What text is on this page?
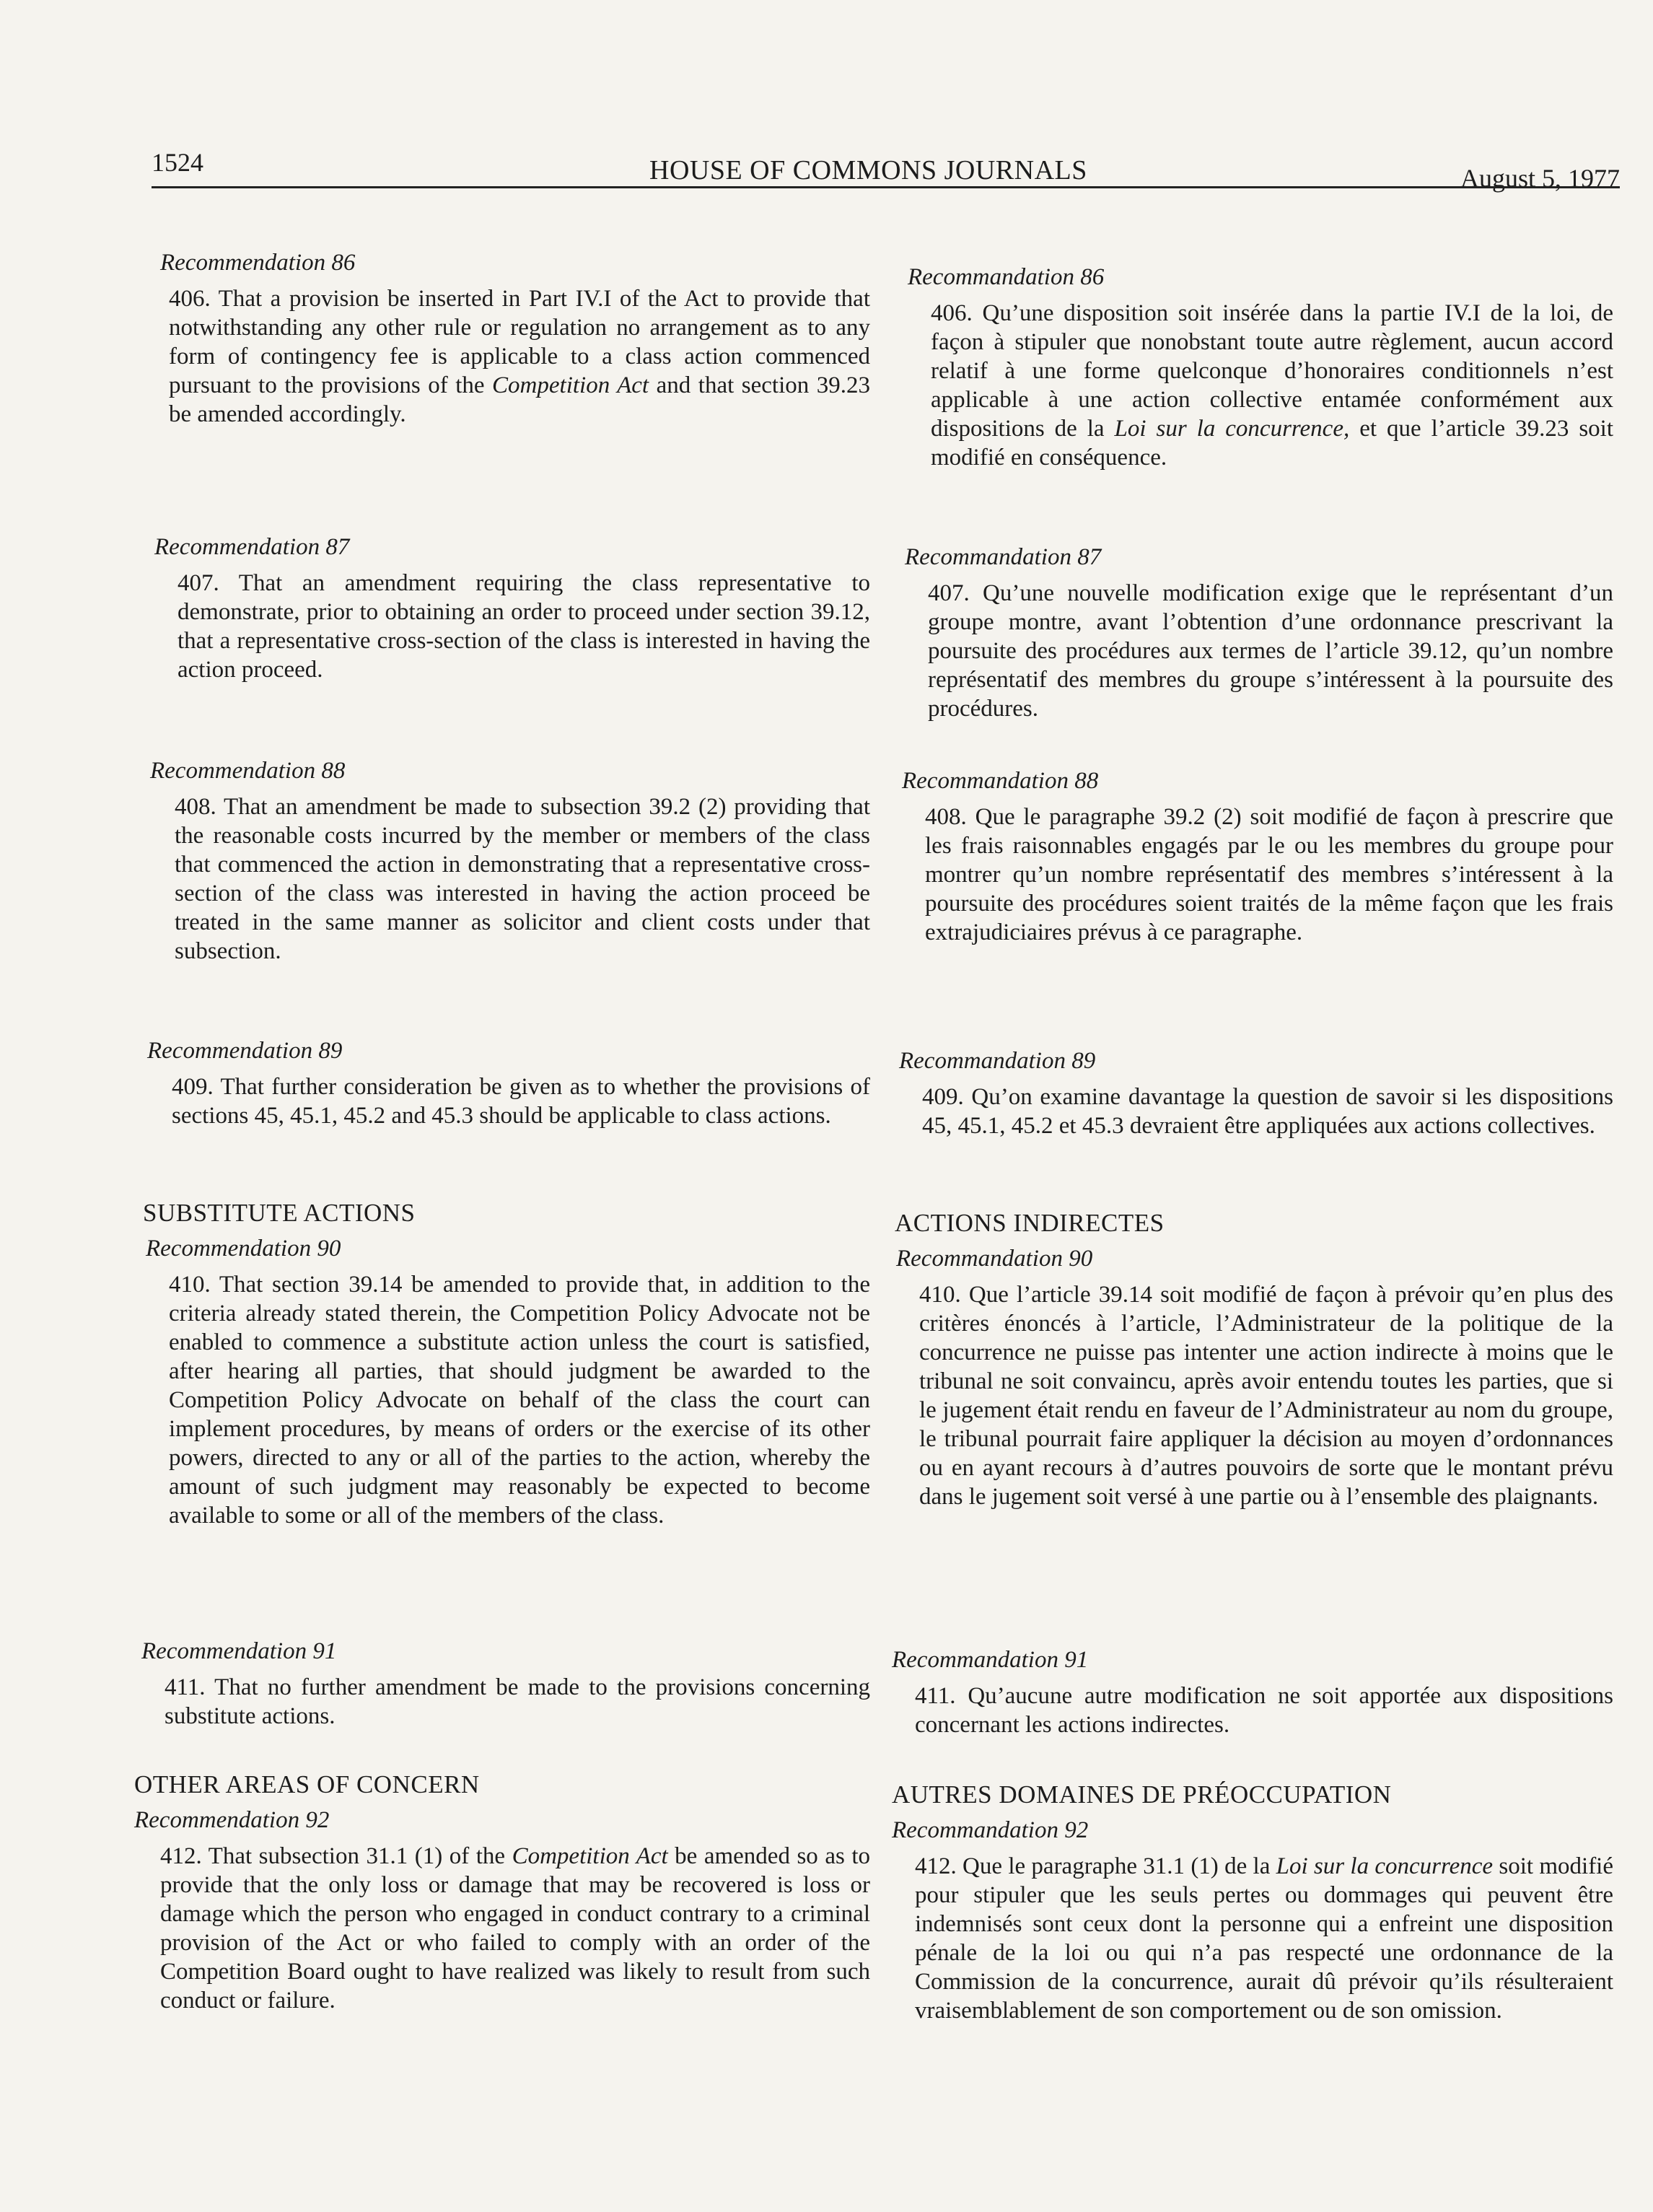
1524	HOUSE OF COMMONS JOURNALS	August 5, 1977

Recommendation 86

406. That a provision be inserted in Part IV.I of the Act to provide that notwithstanding any other rule or regulation no arrangement as to any form of contingency fee is applicable to a class action commenced pursuant to the provisions of the Competition Act and that section 39.23 be amended accordingly.

Recommendation 87

407. That an amendment requiring the class representative to demonstrate, prior to obtaining an order to proceed under section 39.12, that a representative cross-section of the class is interested in having the action proceed.

Recommendation 88

408. That an amendment be made to subsection 39.2 (2) providing that the reasonable costs incurred by the member or members of the class that commenced the action in demonstrating that a representative cross-section of the class was interested in having the action proceed be treated in the same manner as solicitor and client costs under that subsection.

Recommendation 89

409. That further consideration be given as to whether the provisions of sections 45, 45.1, 45.2 and 45.3 should be applicable to class actions.

SUBSTITUTE ACTIONS

Recommendation 90

410. That section 39.14 be amended to provide that, in addition to the criteria already stated therein, the Competition Policy Advocate not be enabled to commence a substitute action unless the court is satisfied, after hearing all parties, that should judgment be awarded to the Competition Policy Advocate on behalf of the class the court can implement procedures, by means of orders or the exercise of its other powers, directed to any or all of the parties to the action, whereby the amount of such judgment may reasonably be expected to become available to some or all of the members of the class.

Recommendation 91

411. That no further amendment be made to the provisions concerning substitute actions.

OTHER AREAS OF CONCERN

Recommendation 92

412. That subsection 31.1 (1) of the Competition Act be amended so as to provide that the only loss or damage that may be recovered is loss or damage which the person who engaged in conduct contrary to a criminal provision of the Act or who failed to comply with an order of the Competition Board ought to have realized was likely to result from such conduct or failure.

Recommandation 86

406. Qu’une disposition soit insérée dans la partie IV.I de la loi, de façon à stipuler que nonobstant toute autre règlement, aucun accord relatif à une forme quelconque d’honoraires conditionnels n’est applicable à une action collective entamée conformément aux dispositions de la Loi sur la concurrence, et que l’article 39.23 soit modifié en conséquence.

Recommandation 87

407. Qu’une nouvelle modification exige que le représentant d’un groupe montre, avant l’obtention d’une ordonnance prescrivant la poursuite des procédures aux termes de l’article 39.12, qu’un nombre représentatif des membres du groupe s’intéressent à la poursuite des procédures.

Recommandation 88

408. Que le paragraphe 39.2 (2) soit modifié de façon à prescrire que les frais raisonnables engagés par le ou les membres du groupe pour montrer qu’un nombre représentatif des membres s’intéressent à la poursuite des procédures soient traités de la même façon que les frais extrajudiciaires prévus à ce paragraphe.

Recommandation 89

409. Qu’on examine davantage la question de savoir si les dispositions 45, 45.1, 45.2 et 45.3 devraient être appliquées aux actions collectives.

ACTIONS INDIRECTES

Recommandation 90

410. Que l’article 39.14 soit modifié de façon à prévoir qu’en plus des critères énoncés à l’article, l’Administrateur de la politique de la concurrence ne puisse pas intenter une action indirecte à moins que le tribunal ne soit convaincu, après avoir entendu toutes les parties, que si le jugement était rendu en faveur de l’Administrateur au nom du groupe, le tribunal pourrait faire appliquer la décision au moyen d’ordonnances ou en ayant recours à d’autres pouvoirs de sorte que le montant prévu dans le jugement soit versé à une partie ou à l’ensemble des plaignants.

Recommandation 91

411. Qu’aucune autre modification ne soit apportée aux dispositions concernant les actions indirectes.

AUTRES DOMAINES DE PRÉOCCUPATION

Recommandation 92

412. Que le paragraphe 31.1 (1) de la Loi sur la concurrence soit modifié pour stipuler que les seuls pertes ou dommages qui peuvent être indemnisés sont ceux dont la personne qui a enfreint une disposition pénale de la loi ou qui n’a pas respecté une ordonnance de la Commission de la concurrence, aurait dû prévoir qu’ils résulteraient vraisemblablement de son comportement ou de son omission.
